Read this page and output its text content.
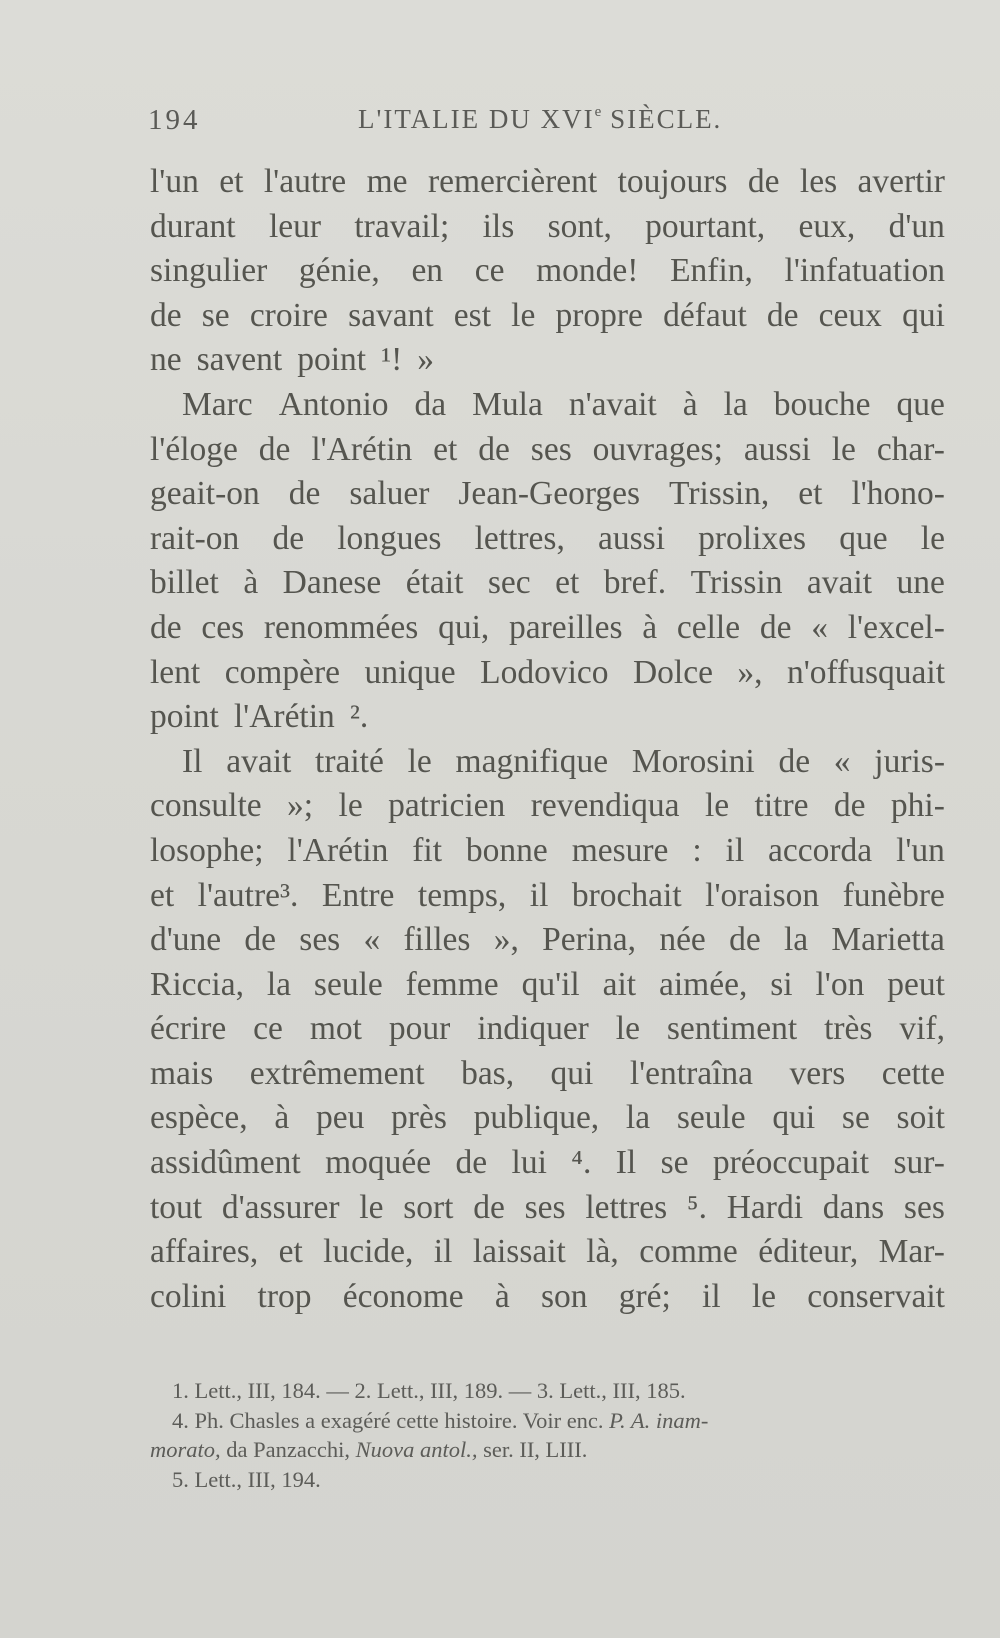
194	L'ITALIE DU XVIe SIÈCLE.
l'un et l'autre me remercièrent toujours de les avertir
durant leur travail; ils sont, pourtant, eux, d'un
singulier génie, en ce monde! Enfin, l'infatuation
de se croire savant est le propre défaut de ceux qui
ne savent point ¹! »
Marc Antonio da Mula n'avait à la bouche que
l'éloge de l'Arétin et de ses ouvrages; aussi le char-
geait-on de saluer Jean-Georges Trissin, et l'hono-
rait-on de longues lettres, aussi prolixes que le
billet à Danese était sec et bref. Trissin avait une
de ces renommées qui, pareilles à celle de « l'excel-
lent compère unique Lodovico Dolce », n'offusquait
point l'Arétin ².
Il avait traité le magnifique Morosini de « juris-
consulte »; le patricien revendiqua le titre de phi-
losophe; l'Arétin fit bonne mesure : il accorda l'un
et l'autre³. Entre temps, il brochait l'oraison funèbre
d'une de ses « filles », Perina, née de la Marietta
Riccia, la seule femme qu'il ait aimée, si l'on peut
écrire ce mot pour indiquer le sentiment très vif,
mais extrêmement bas, qui l'entraîna vers cette
espèce, à peu près publique, la seule qui se soit
assidûment moquée de lui ⁴. Il se préoccupait sur-
tout d'assurer le sort de ses lettres ⁵. Hardi dans ses
affaires, et lucide, il laissait là, comme éditeur, Mar-
colini trop économe à son gré; il le conservait
1. Lett., III, 184. — 2. Lett., III, 189. — 3. Lett., III, 185.
4. Ph. Chasles a exagéré cette histoire. Voir enc. P. A. inam-
morato, da Panzacchi, Nuova antol., ser. II, LIII.
5. Lett., III, 194.
